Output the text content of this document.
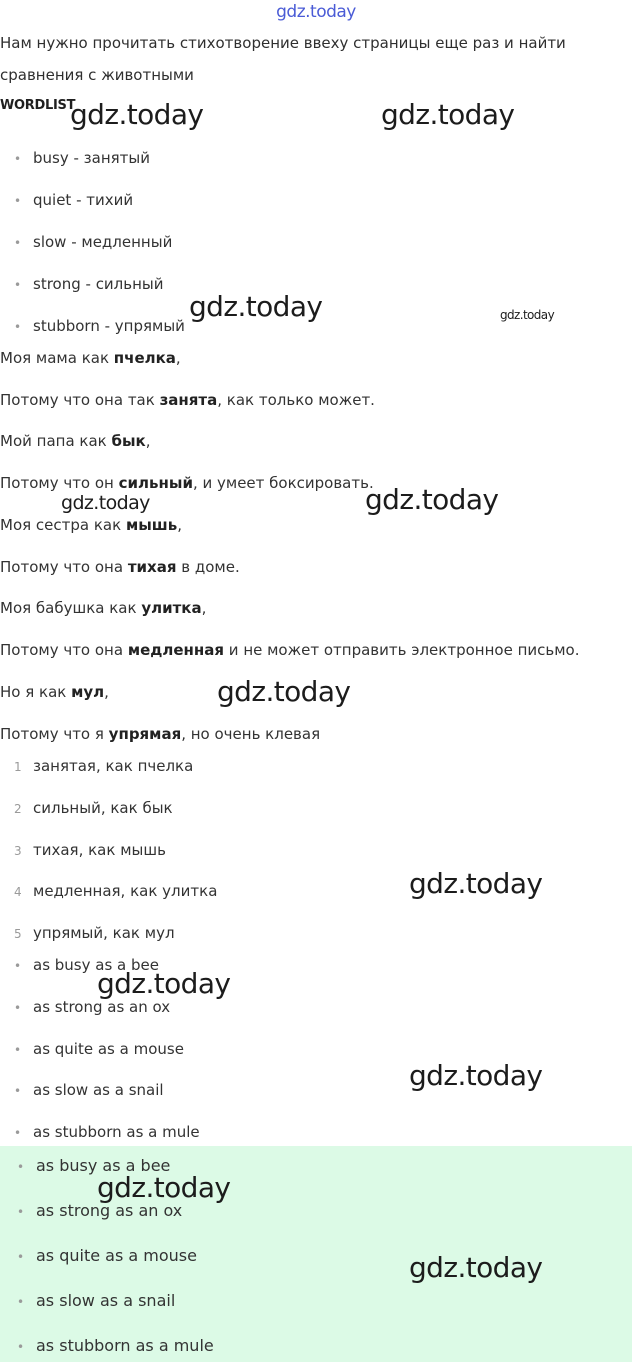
gdz.today
Нам нужно прочитать стихотворение ввеху страницы еще раз и найти
сравнения с животными
WORDLIST
• busy - занятый
• quiet - тихий
• slow - медленный
• strong - сильный
• stubborn - упрямый
Моя мама как пчелка,
Потому что она так занята, как только может.
Мой папа как бык,
Потому что он сильный, и умеет боксировать.
Моя сестра как мышь,
Потому что она тихая в доме.
Моя бабушка как улитка,
Потому что она медленная и не может отправить электронное письмо.
Но я как мул,
Потому что я упрямая, но очень клевая
1 занятая, как пчелка
2 сильный, как бык
3 тихая, как мышь
4 медленная, как улитка
5 упрямый, как мул
• as busy as a bee
• as strong as an ox
• as quite as a mouse
• as slow as a snail
• as stubborn as a mule
• as busy as a bee
• as strong as an ox
• as quite as a mouse
• as slow as a snail
• as stubborn as a mule
gdz.today	gdz.today
gdz.today	gdz.today
gdz.today	gdz.today
gdz.today
gdz.today
gdz.today
gdz.today
gdz.today
gdz.today
